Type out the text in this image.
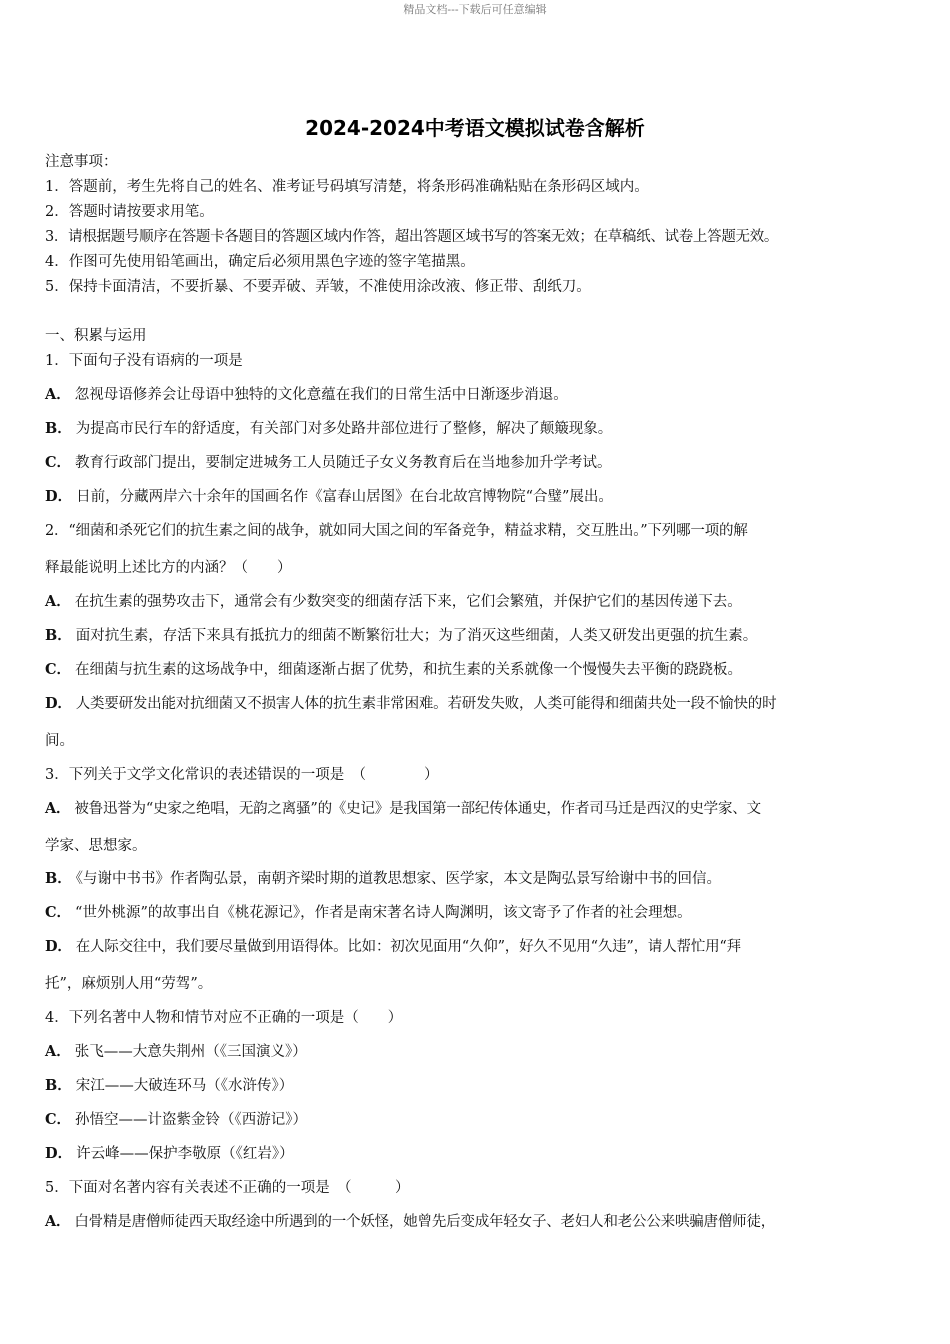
精品文档---下载后可任意编辑
2024-2024中考语文模拟试卷含解析
注意事项：
1．答题前，考生先将自己的姓名、准考证号码填写清楚，将条形码准确粘贴在条形码区域内。
2．答题时请按要求用笔。
3．请根据题号顺序在答题卡各题目的答题区域内作答，超出答题区域书写的答案无效；在草稿纸、试卷上答题无效。
4．作图可先使用铅笔画出，确定后必须用黑色字迹的签字笔描黑。
5．保持卡面清洁，不要折暴、不要弄破、弄皱，不准使用涂改液、修正带、刮纸刀。
一、积累与运用
1．下面句子没有语病的一项是
A． 忽视母语修养会让母语中独特的文化意蕴在我们的日常生活中日渐逐步消退。
B． 为提高市民行车的舒适度，有关部门对多处路井部位进行了整修，解决了颠簸现象。
C． 教育行政部门提出，要制定进城务工人员随迁子女义务教育后在当地参加升学考试。
D． 日前，分藏两岸六十余年的国画名作《富春山居图》在台北故宫博物院“合璧”展出。
2．“细菌和杀死它们的抗生素之间的战争，就如同大国之间的军备竞争，精益求精，交互胜出。”下列哪一项的解
释最能说明上述比方的内涵？（　　）
A． 在抗生素的强势攻击下，通常会有少数突变的细菌存活下来，它们会繁殖，并保护它们的基因传递下去。
B． 面对抗生素，存活下来具有抵抗力的细菌不断繁衍壮大；为了消灭这些细菌，人类又研发出更强的抗生素。
C． 在细菌与抗生素的这场战争中，细菌逐渐占据了优势，和抗生素的关系就像一个慢慢失去平衡的跷跷板。
D． 人类要研发出能对抗细菌又不损害人体的抗生素非常困难。若研发失败，人类可能得和细菌共处一段不愉快的时
间。
3．下列关于文学文化常识的表述错误的一项是　（　　　　）
A． 被鲁迅誉为“史家之绝唱，无韵之离骚”的《史记》是我国第一部纪传体通史，作者司马迁是西汉的史学家、文
学家、思想家。
B． 《与谢中书书》作者陶弘景，南朝齐梁时期的道教思想家、医学家，本文是陶弘景写给谢中书的回信。
C． “世外桃源”的故事出自《桃花源记》，作者是南宋著名诗人陶渊明，该文寄予了作者的社会理想。
D． 在人际交往中，我们要尽量做到用语得体。比如：初次见面用“久仰”，好久不见用“久违”，请人帮忙用“拜
托”，麻烦别人用“劳驾”。
4．下列名著中人物和情节对应不正确的一项是（　　）
A． 张飞——大意失荆州（《三国演义》）
B． 宋江——大破连环马（《水浒传》）
C． 孙悟空——计盗紫金铃（《西游记》）
D． 许云峰——保护李敬原（《红岩》）
5．下面对名著内容有关表述不正确的一项是　（　　　）
A． 白骨精是唐僧师徒西天取经途中所遇到的一个妖怪，她曾先后变成年轻女子、老妇人和老公公来哄骗唐僧师徒，
